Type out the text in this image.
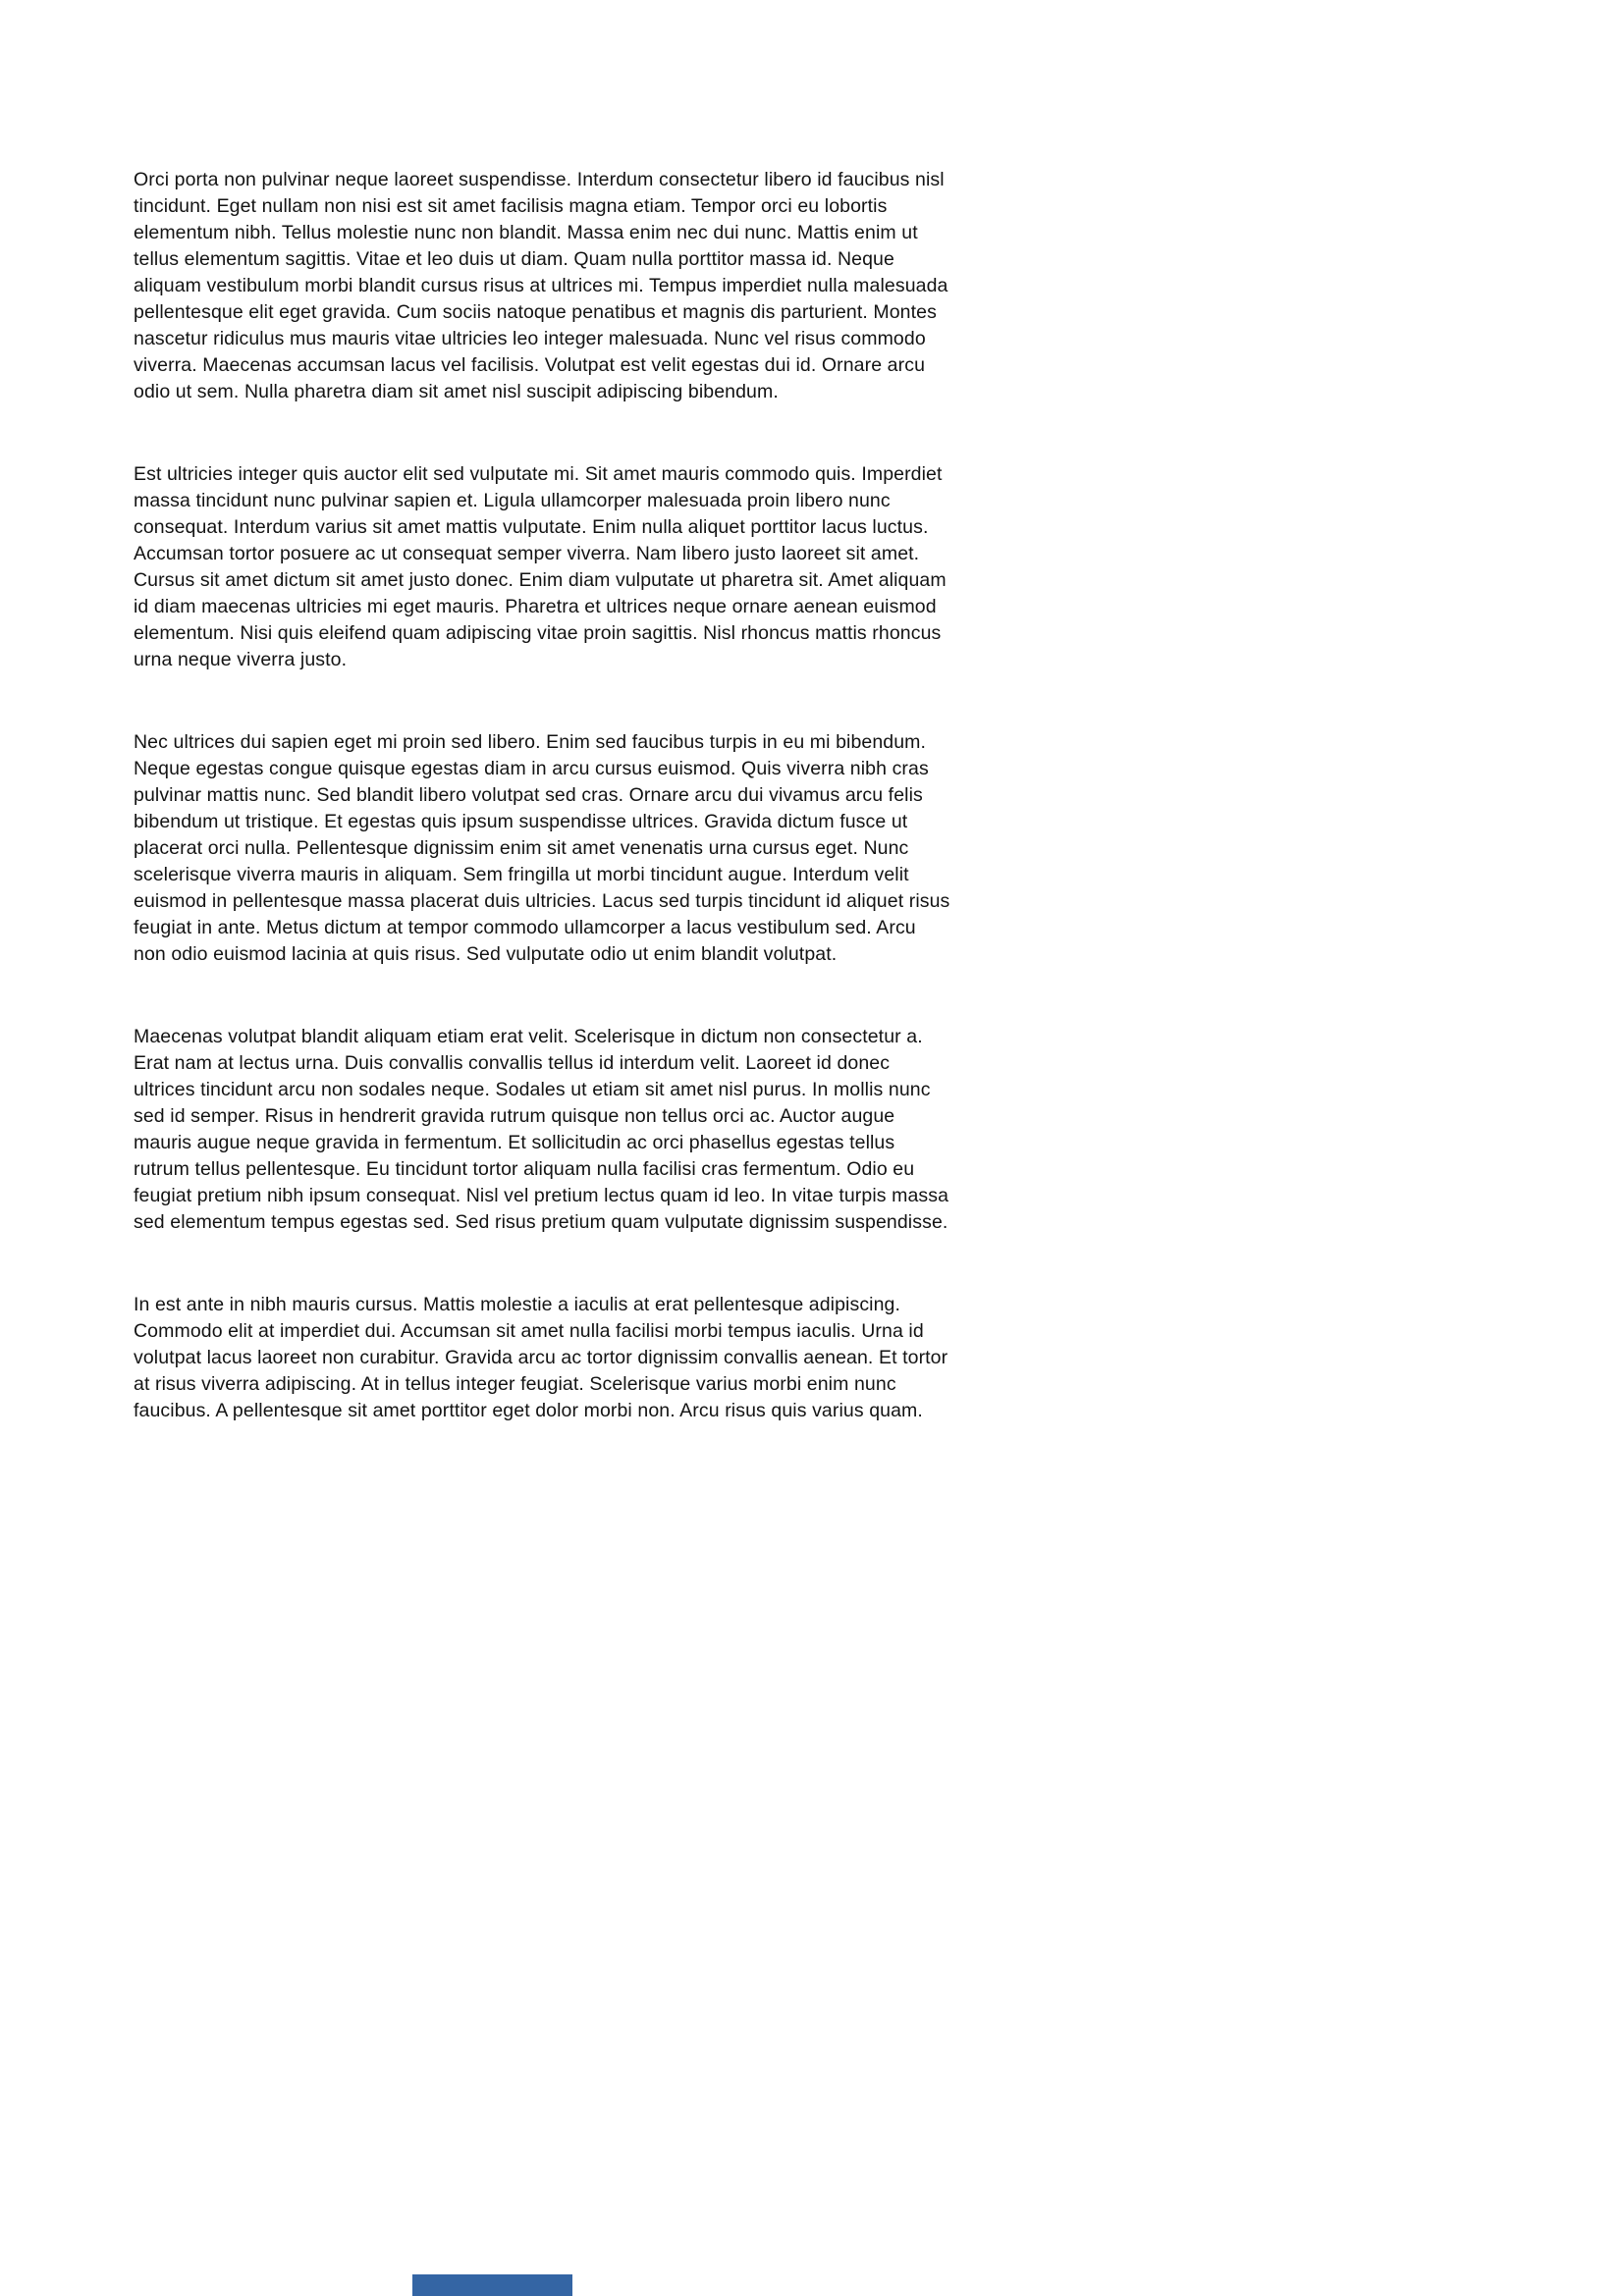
Orci porta non pulvinar neque laoreet suspendisse. Interdum consectetur libero id faucibus nisl tincidunt. Eget nullam non nisi est sit amet facilisis magna etiam. Tempor orci eu lobortis elementum nibh. Tellus molestie nunc non blandit. Massa enim nec dui nunc. Mattis enim ut tellus elementum sagittis. Vitae et leo duis ut diam. Quam nulla porttitor massa id. Neque aliquam vestibulum morbi blandit cursus risus at ultrices mi. Tempus imperdiet nulla malesuada pellentesque elit eget gravida. Cum sociis natoque penatibus et magnis dis parturient. Montes nascetur ridiculus mus mauris vitae ultricies leo integer malesuada. Nunc vel risus commodo viverra. Maecenas accumsan lacus vel facilisis. Volutpat est velit egestas dui id. Ornare arcu odio ut sem. Nulla pharetra diam sit amet nisl suscipit adipiscing bibendum.

Est ultricies integer quis auctor elit sed vulputate mi. Sit amet mauris commodo quis. Imperdiet massa tincidunt nunc pulvinar sapien et. Ligula ullamcorper malesuada proin libero nunc consequat. Interdum varius sit amet mattis vulputate. Enim nulla aliquet porttitor lacus luctus. Accumsan tortor posuere ac ut consequat semper viverra. Nam libero justo laoreet sit amet. Cursus sit amet dictum sit amet justo donec. Enim diam vulputate ut pharetra sit. Amet aliquam id diam maecenas ultricies mi eget mauris. Pharetra et ultrices neque ornare aenean euismod elementum. Nisi quis eleifend quam adipiscing vitae proin sagittis. Nisl rhoncus mattis rhoncus urna neque viverra justo.

Nec ultrices dui sapien eget mi proin sed libero. Enim sed faucibus turpis in eu mi bibendum. Neque egestas congue quisque egestas diam in arcu cursus euismod. Quis viverra nibh cras pulvinar mattis nunc. Sed blandit libero volutpat sed cras. Ornare arcu dui vivamus arcu felis bibendum ut tristique. Et egestas quis ipsum suspendisse ultrices. Gravida dictum fusce ut placerat orci nulla. Pellentesque dignissim enim sit amet venenatis urna cursus eget. Nunc scelerisque viverra mauris in aliquam. Sem fringilla ut morbi tincidunt augue. Interdum velit euismod in pellentesque massa placerat duis ultricies. Lacus sed turpis tincidunt id aliquet risus feugiat in ante. Metus dictum at tempor commodo ullamcorper a lacus vestibulum sed. Arcu non odio euismod lacinia at quis risus. Sed vulputate odio ut enim blandit volutpat.

Maecenas volutpat blandit aliquam etiam erat velit. Scelerisque in dictum non consectetur a. Erat nam at lectus urna. Duis convallis convallis tellus id interdum velit. Laoreet id donec ultrices tincidunt arcu non sodales neque. Sodales ut etiam sit amet nisl purus. In mollis nunc sed id semper. Risus in hendrerit gravida rutrum quisque non tellus orci ac. Auctor augue mauris augue neque gravida in fermentum. Et sollicitudin ac orci phasellus egestas tellus rutrum tellus pellentesque. Eu tincidunt tortor aliquam nulla facilisi cras fermentum. Odio eu feugiat pretium nibh ipsum consequat. Nisl vel pretium lectus quam id leo. In vitae turpis massa sed elementum tempus egestas sed. Sed risus pretium quam vulputate dignissim suspendisse.

In est ante in nibh mauris cursus. Mattis molestie a iaculis at erat pellentesque adipiscing. Commodo elit at imperdiet dui. Accumsan sit amet nulla facilisi morbi tempus iaculis. Urna id volutpat lacus laoreet non curabitur. Gravida arcu ac tortor dignissim convallis aenean. Et tortor at risus viverra adipiscing. At in tellus integer feugiat. Scelerisque varius morbi enim nunc faucibus. A pellentesque sit amet porttitor eget dolor morbi non. Arcu risus quis varius quam.
